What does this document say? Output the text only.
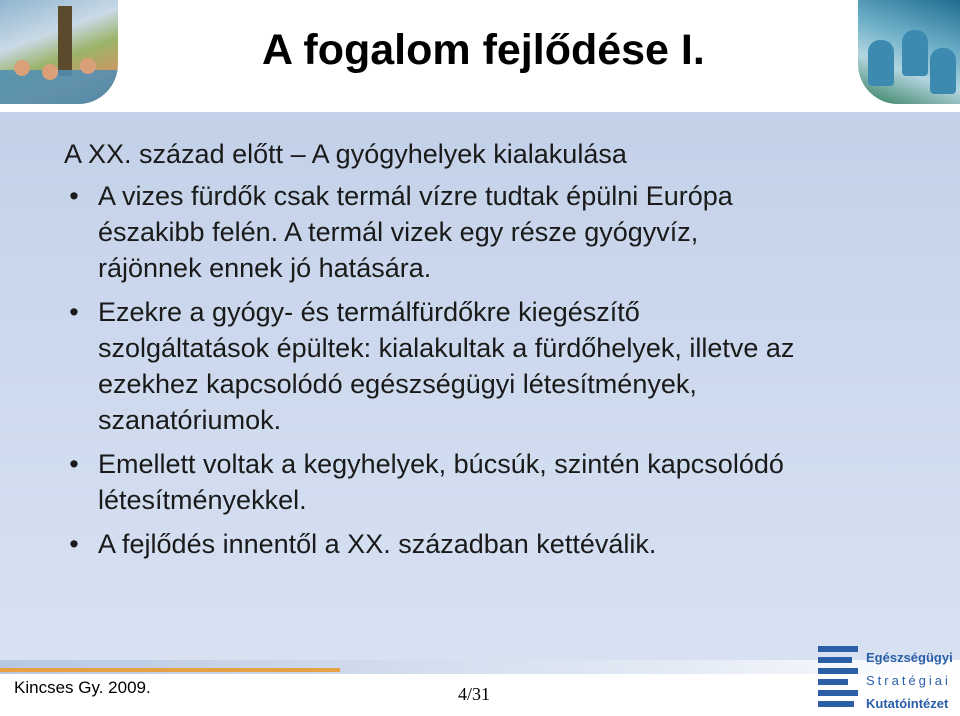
A fogalom fejlődése I.
A XX. század előtt – A gyógyhelyek kialakulása
• A vizes fürdők csak termál vízre tudtak épülni Európa
északibb felén. A termál vizek egy része gyógyvíz,
rájönnek ennek jó hatására.
• Ezekre a gyógy- és termálfürdőkre kiegészítő
szolgáltatások épültek: kialakultak a fürdőhelyek, illetve az
ezekhez kapcsolódó egészségügyi létesítmények,
szanatóriumok.
• Emellett voltak a kegyhelyek, búcsúk, szintén kapcsolódó
létesítményekkel.
• A fejlődés innentől a XX. században kettéválik.
Kincses Gy. 2009.	4/31
Egészségügyi
Stratégiai
Kutatóintézet
